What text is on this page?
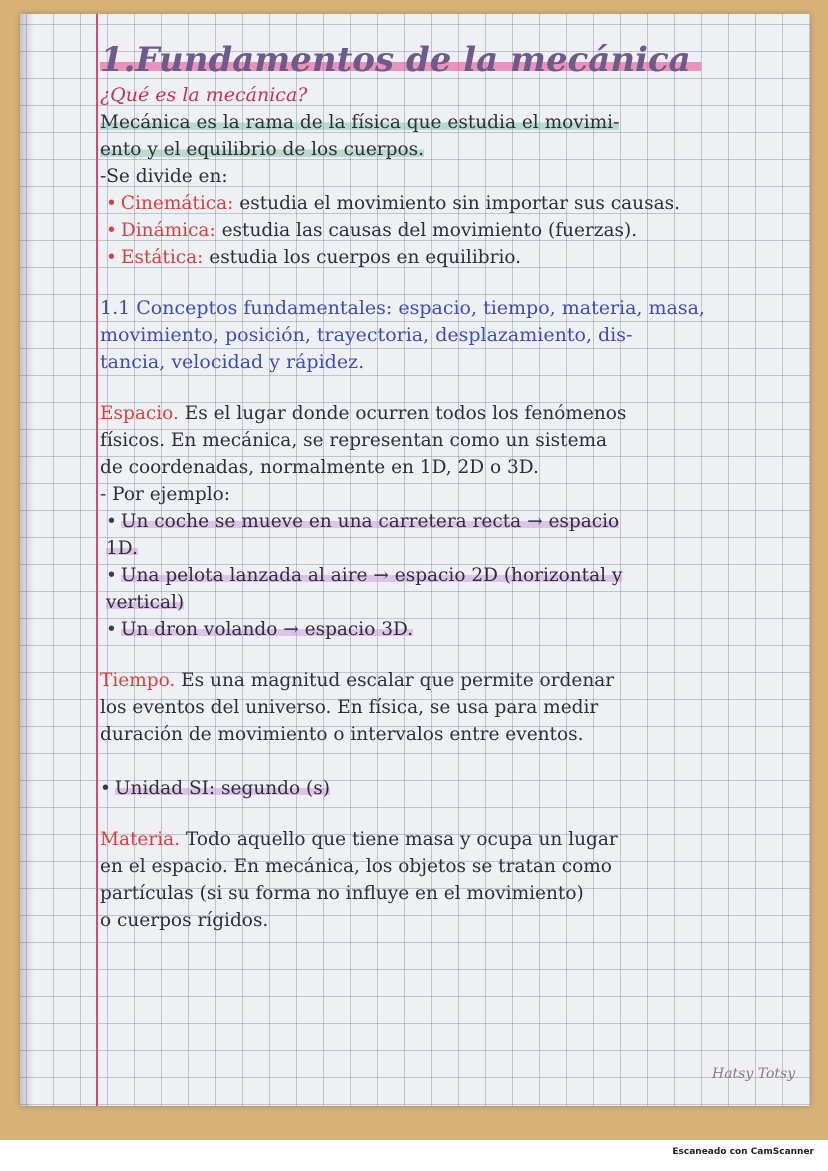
1.Fundamentos de la mecánica

¿Qué es la mecánica?

Mecánica es la rama de la física que estudia el movimi-

ento y el equilibrio de los cuerpos.

-Se divide en:

• Cinemática: estudia el movimiento sin importar sus causas.
• Dinámica: estudia las causas del movimiento (fuerzas).
• Estática: estudia los cuerpos en equilibrio.

1.1 Conceptos fundamentales: espacio, tiempo, materia, masa,

movimiento, posición, trayectoria, desplazamiento, dis-

tancia, velocidad y rápidez.

Espacio. Es el lugar donde ocurren todos los fenómenos

físicos. En mecánica, se representan como un sistema

de coordenadas, normalmente en 1D, 2D o 3D.

- Por ejemplo:

• Un coche se mueve en una carretera recta → espacio
1D.
• Una pelota lanzada al aire → espacio 2D (horizontal y
vertical)
• Un dron volando → espacio 3D.

Tiempo. Es una magnitud escalar que permite ordenar

los eventos del universo. En física, se usa para medir

duración de movimiento o intervalos entre eventos.

• Unidad SI: segundo (s)

Materia. Todo aquello que tiene masa y ocupa un lugar

en el espacio. En mecánica, los objetos se tratan como

partículas (si su forma no influye en el movimiento)

o cuerpos rígidos.

Hatsy Totsy
Escaneado con CamScanner
